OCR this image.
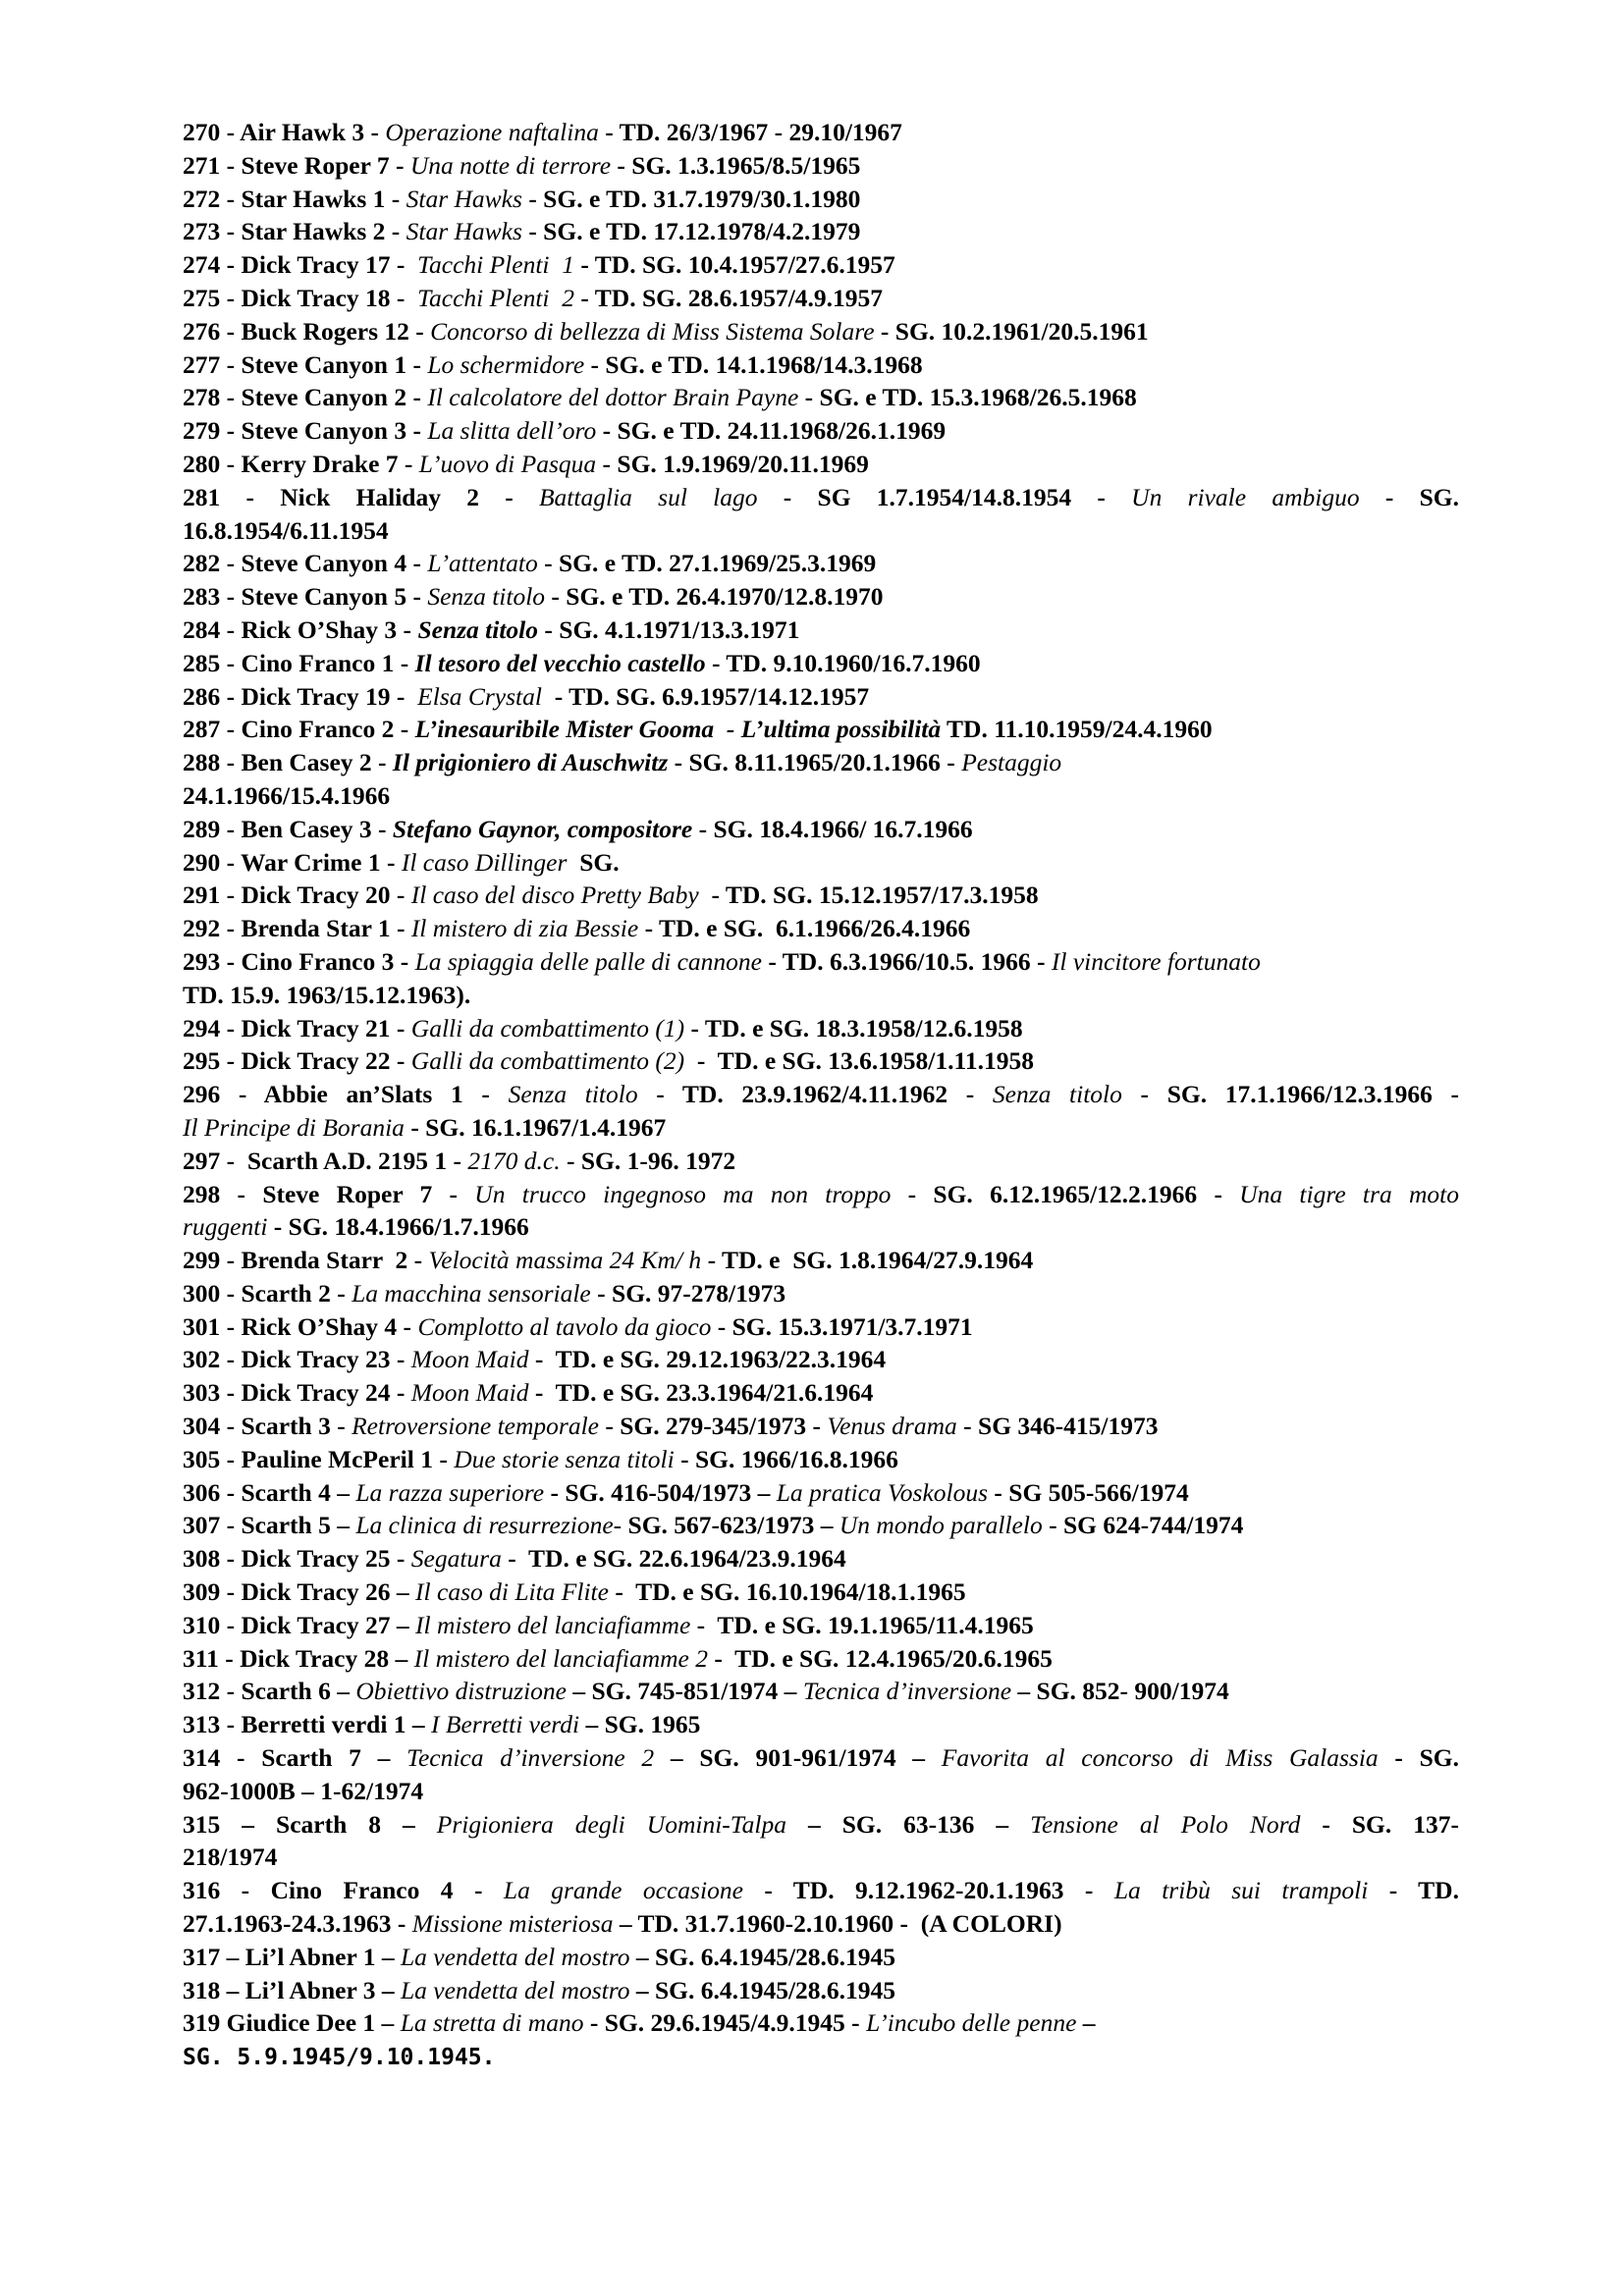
270 - Air Hawk 3 - Operazione naftalina - TD. 26/3/1967 - 29.10/1967
271 - Steve Roper 7 - Una notte di terrore - SG. 1.3.1965/8.5/1965
272 - Star Hawks 1 - Star Hawks - SG. e TD. 31.7.1979/30.1.1980
273 - Star Hawks 2 - Star Hawks - SG. e TD. 17.12.1978/4.2.1979
274 - Dick Tracy 17 -  Tacchi Plenti  1 - TD. SG. 10.4.1957/27.6.1957
275 - Dick Tracy 18 -  Tacchi Plenti  2 - TD. SG. 28.6.1957/4.9.1957
276 - Buck Rogers 12 - Concorso di bellezza di Miss Sistema Solare - SG. 10.2.1961/20.5.1961
277 - Steve Canyon 1 - Lo schermidore - SG. e TD. 14.1.1968/14.3.1968
278 - Steve Canyon 2 - Il calcolatore del dottor Brain Payne - SG. e TD. 15.3.1968/26.5.1968
279 - Steve Canyon 3 - La slitta dell’oro - SG. e TD. 24.11.1968/26.1.1969
280 - Kerry Drake 7 - L’uovo di Pasqua - SG. 1.9.1969/20.11.1969
281 - Nick Haliday 2 - Battaglia sul lago - SG 1.7.1954/14.8.1954 - Un rivale ambiguo - SG.
16.8.1954/6.11.1954
282 - Steve Canyon 4 - L’attentato - SG. e TD. 27.1.1969/25.3.1969
283 - Steve Canyon 5 - Senza titolo - SG. e TD. 26.4.1970/12.8.1970
284 - Rick O’Shay 3 - Senza titolo - SG. 4.1.1971/13.3.1971
285 - Cino Franco 1 - Il tesoro del vecchio castello - TD. 9.10.1960/16.7.1960
286 - Dick Tracy 19 -  Elsa Crystal  - TD. SG. 6.9.1957/14.12.1957
287 - Cino Franco 2 - L’inesauribile Mister Gooma  - L’ultima possibilità TD. 11.10.1959/24.4.1960
288 - Ben Casey 2 - Il prigioniero di Auschwitz - SG. 8.11.1965/20.1.1966 - Pestaggio
24.1.1966/15.4.1966
289 - Ben Casey 3 - Stefano Gaynor, compositore - SG. 18.4.1966/ 16.7.1966
290 - War Crime 1 - Il caso Dillinger  SG.
291 - Dick Tracy 20 - Il caso del disco Pretty Baby  - TD. SG. 15.12.1957/17.3.1958
292 - Brenda Star 1 - Il mistero di zia Bessie - TD. e SG.  6.1.1966/26.4.1966
293 - Cino Franco 3 - La spiaggia delle palle di cannone - TD. 6.3.1966/10.5. 1966 - Il vincitore fortunato
TD. 15.9. 1963/15.12.1963).
294 - Dick Tracy 21 - Galli da combattimento (1) - TD. e SG. 18.3.1958/12.6.1958
295 - Dick Tracy 22 - Galli da combattimento (2)  -  TD. e SG. 13.6.1958/1.11.1958
296 - Abbie an’Slats 1 - Senza titolo - TD. 23.9.1962/4.11.1962 - Senza titolo - SG. 17.1.1966/12.3.1966 -
Il Principe di Borania - SG. 16.1.1967/1.4.1967
297 -  Scarth A.D. 2195 1 - 2170 d.c. - SG. 1-96. 1972
298 - Steve Roper 7 - Un trucco ingegnoso ma non troppo - SG. 6.12.1965/12.2.1966 - Una tigre tra moto
ruggenti - SG. 18.4.1966/1.7.1966
299 - Brenda Starr  2 - Velocità massima 24 Km/ h - TD. e  SG. 1.8.1964/27.9.1964
300 - Scarth 2 - La macchina sensoriale - SG. 97-278/1973
301 - Rick O’Shay 4 - Complotto al tavolo da gioco - SG. 15.3.1971/3.7.1971
302 - Dick Tracy 23 - Moon Maid -  TD. e SG. 29.12.1963/22.3.1964
303 - Dick Tracy 24 - Moon Maid -  TD. e SG. 23.3.1964/21.6.1964
304 - Scarth 3 - Retroversione temporale - SG. 279-345/1973 - Venus drama - SG 346-415/1973
305 - Pauline McPeril 1 - Due storie senza titoli - SG. 1966/16.8.1966
306 - Scarth 4 – La razza superiore - SG. 416-504/1973 – La pratica Voskolous - SG 505-566/1974
307 - Scarth 5 – La clinica di resurrezione- SG. 567-623/1973 – Un mondo parallelo - SG 624-744/1974
308 - Dick Tracy 25 - Segatura -  TD. e SG. 22.6.1964/23.9.1964
309 - Dick Tracy 26 – Il caso di Lita Flite -  TD. e SG. 16.10.1964/18.1.1965
310 - Dick Tracy 27 – Il mistero del lanciafiamme -  TD. e SG. 19.1.1965/11.4.1965
311 - Dick Tracy 28 – Il mistero del lanciafiamme 2 -  TD. e SG. 12.4.1965/20.6.1965
312 - Scarth 6 – Obiettivo distruzione – SG. 745-851/1974 – Tecnica d’inversione – SG. 852- 900/1974
313 - Berretti verdi 1 – I Berretti verdi – SG. 1965
314 - Scarth 7 – Tecnica d’inversione 2 – SG. 901-961/1974 – Favorita al concorso di Miss Galassia - SG.
962-1000B – 1-62/1974
315 – Scarth 8 – Prigioniera degli Uomini-Talpa – SG. 63-136 – Tensione al Polo Nord - SG. 137-
218/1974
316 - Cino Franco 4 - La grande occasione - TD. 9.12.1962-20.1.1963 - La tribù sui trampoli - TD.
27.1.1963-24.3.1963 - Missione misteriosa – TD. 31.7.1960-2.10.1960 -  (A COLORI)
317 – Li’l Abner 1 – La vendetta del mostro – SG. 6.4.1945/28.6.1945
318 – Li’l Abner 3 – La vendetta del mostro – SG. 6.4.1945/28.6.1945
319 Giudice Dee 1 – La stretta di mano - SG. 29.6.1945/4.9.1945 - L’incubo delle penne –
SG. 5.9.1945/9.10.1945.
